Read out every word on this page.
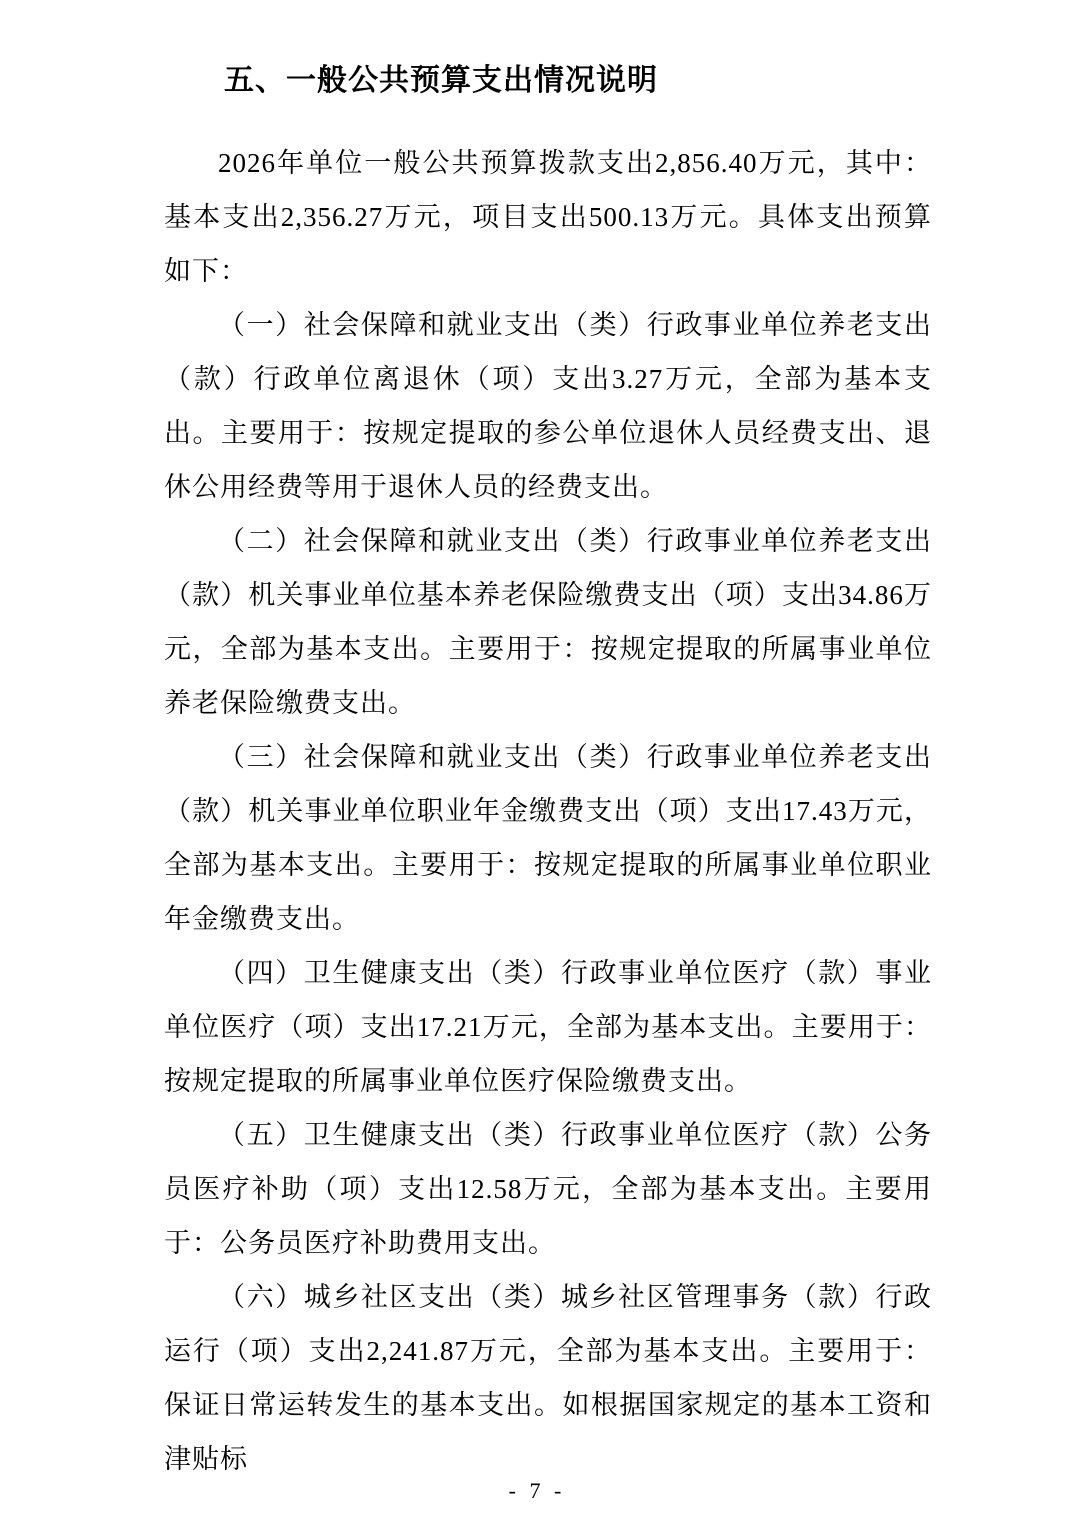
五、一般公共预算支出情况说明

2026年单位一般公共预算拨款支出2,856.40万元，其中：基本支出2,356.27万元，项目支出500.13万元。具体支出预算如下：

（一）社会保障和就业支出（类）行政事业单位养老支出（款）行政单位离退休（项）支出3.27万元，全部为基本支出。主要用于：按规定提取的参公单位退休人员经费支出、退休公用经费等用于退休人员的经费支出。

（二）社会保障和就业支出（类）行政事业单位养老支出（款）机关事业单位基本养老保险缴费支出（项）支出34.86万元，全部为基本支出。主要用于：按规定提取的所属事业单位养老保险缴费支出。

（三）社会保障和就业支出（类）行政事业单位养老支出（款）机关事业单位职业年金缴费支出（项）支出17.43万元，全部为基本支出。主要用于：按规定提取的所属事业单位职业年金缴费支出。

（四）卫生健康支出（类）行政事业单位医疗（款）事业单位医疗（项）支出17.21万元，全部为基本支出。主要用于：按规定提取的所属事业单位医疗保险缴费支出。

（五）卫生健康支出（类）行政事业单位医疗（款）公务员医疗补助（项）支出12.58万元，全部为基本支出。主要用于：公务员医疗补助费用支出。

（六）城乡社区支出（类）城乡社区管理事务（款）行政运行（项）支出2,241.87万元，全部为基本支出。主要用于：保证日常运转发生的基本支出。如根据国家规定的基本工资和津贴标

- 7 -
